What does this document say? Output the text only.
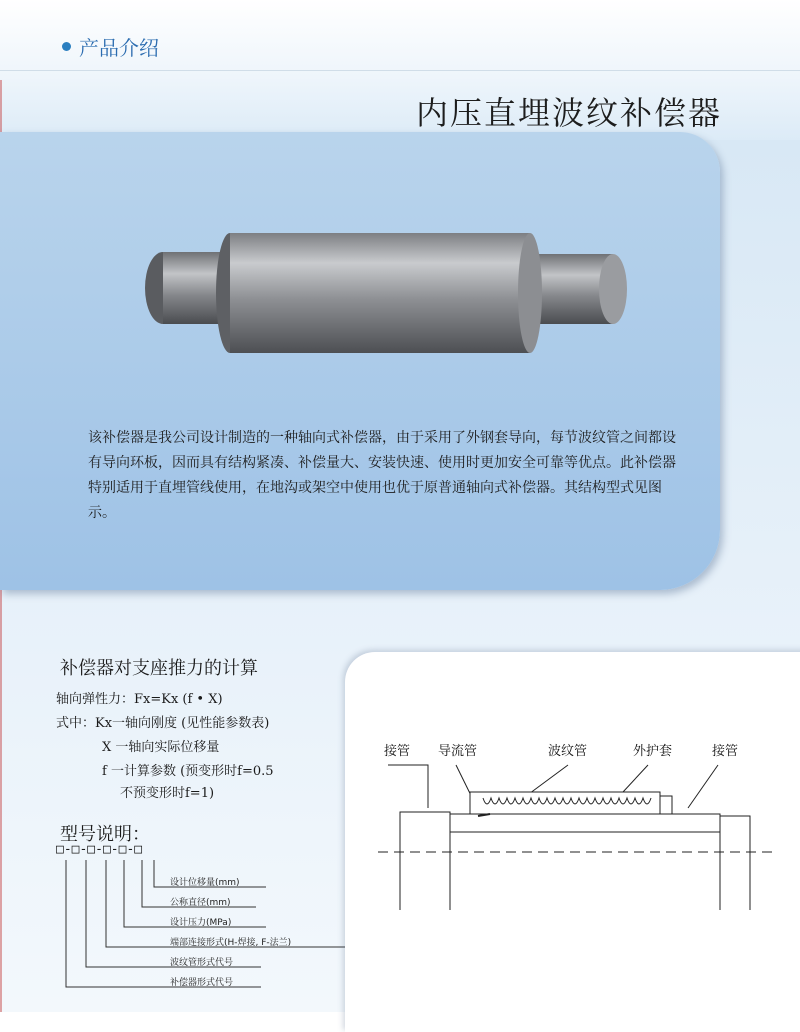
产品介绍
内压直埋波纹补偿器
该补偿器是我公司设计制造的一种轴向式补偿器，由于采用了外钢套导向，每节波纹管之间都设有导向环板，因而具有结构紧凑、补偿量大、安装快速、使用时更加安全可靠等优点。此补偿器特别适用于直埋管线使用，在地沟或架空中使用也优于原普通轴向式补偿器。其结构型式见图示。
补偿器对支座推力的计算
轴向弹性力：Fx=Kx (f • X)
式中：Kx一轴向刚度 (见性能参数表)
X 一轴向实际位移量
f 一计算参数 (预变形时f=0.5
不预变形时f=1)
型号说明：
□-□-□-□-□-□
设计位移量(mm)
公称直径(mm)
设计压力(MPa)
端部连接形式(H-焊接, F-法兰)
波纹管形式代号
补偿器形式代号
接管 导流管	波纹管	外护套	接管
